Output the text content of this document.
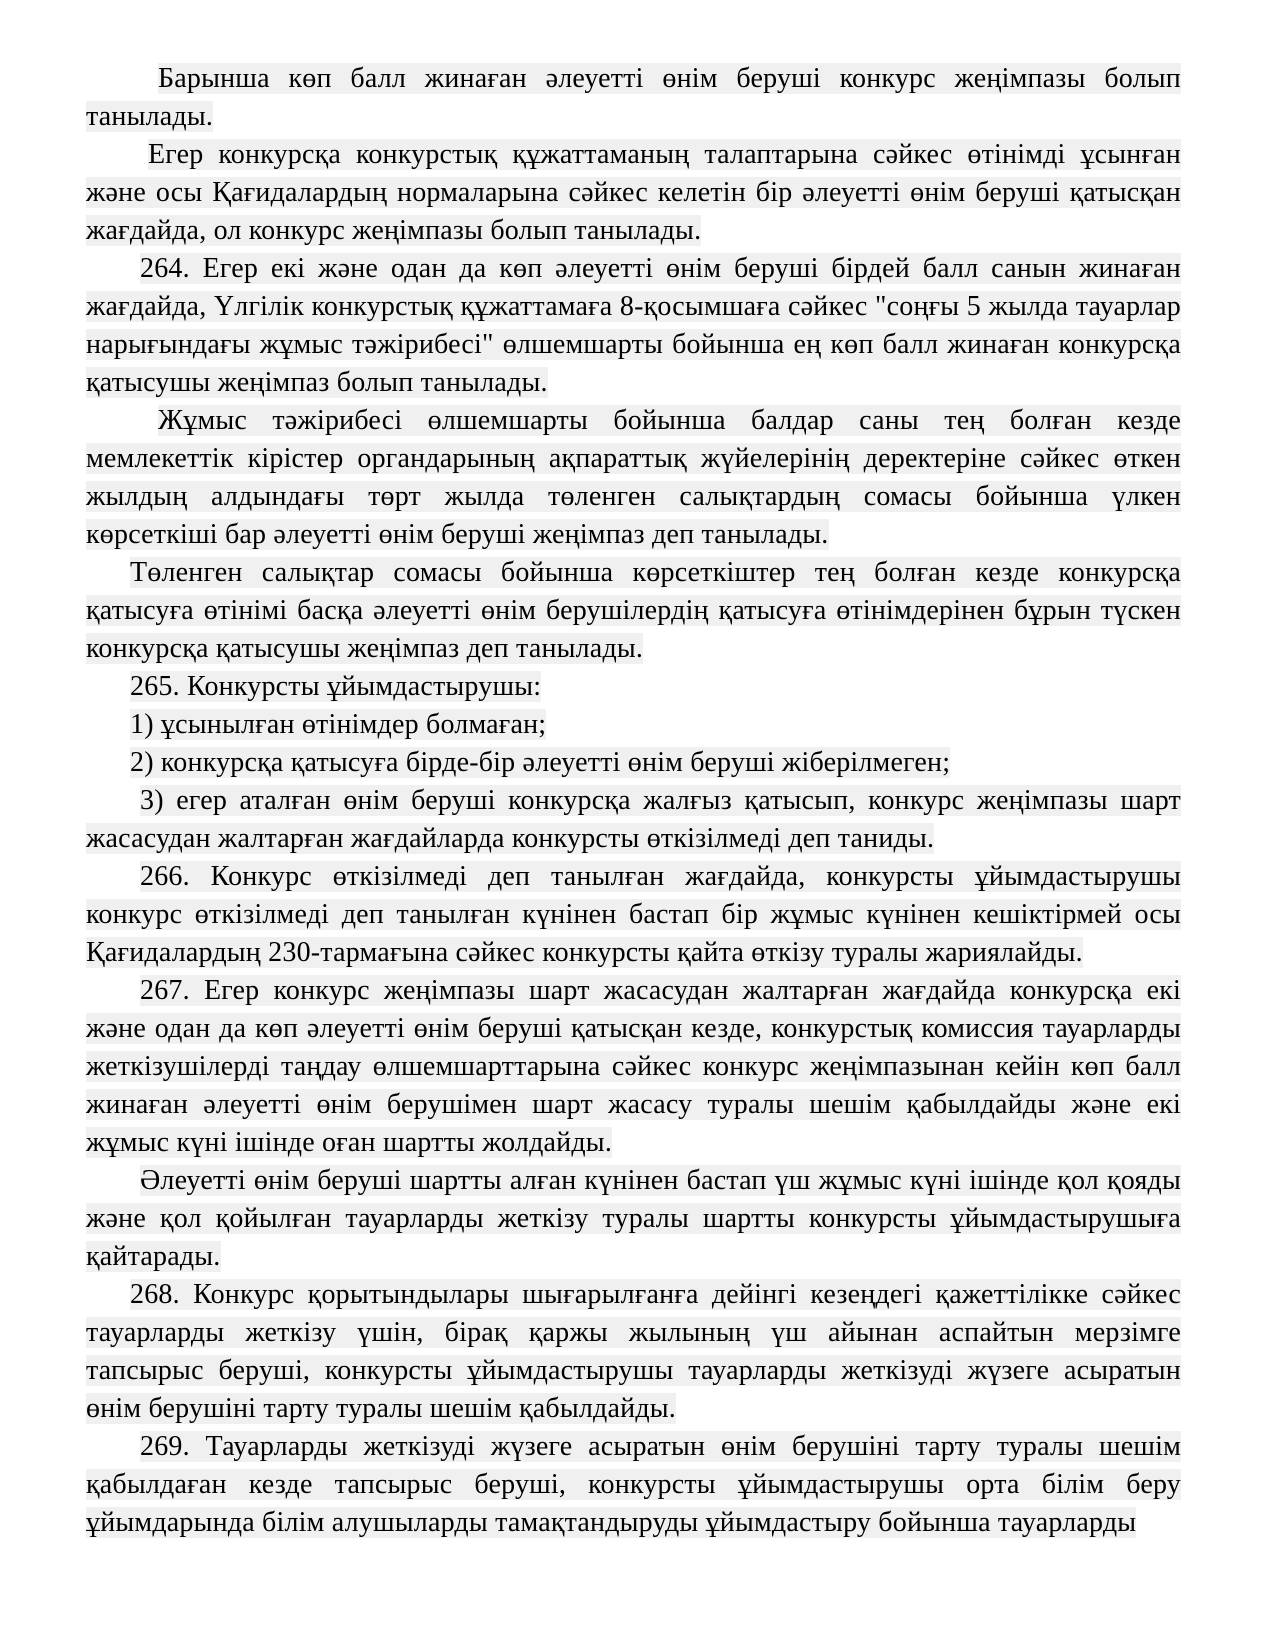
Барынша көп балл жинаған әлеуетті өнім беруші конкурс жеңімпазы болып танылады.

Егер конкурсқа конкурстық құжаттаманың талаптарына сәйкес өтінімді ұсынған және осы Қағидалардың нормаларына сәйкес келетін бір әлеуетті өнім беруші қатысқан жағдайда, ол конкурс жеңімпазы болып танылады.

264. Егер екі және одан да көп әлеуетті өнім беруші бірдей балл санын жинаған жағдайда, Үлгілік конкурстық құжаттамаға 8-қосымшаға сәйкес "соңғы 5 жылда тауарлар нарығындағы жұмыс тәжірибесі" өлшемшарты бойынша ең көп балл жинаған конкурсқа қатысушы жеңімпаз болып танылады.

Жұмыс тәжірибесі өлшемшарты бойынша балдар саны тең болған кезде мемлекеттік кірістер органдарының ақпараттық жүйелерінің деректеріне сәйкес өткен жылдың алдындағы төрт жылда төленген салықтардың сомасы бойынша үлкен көрсеткіші бар әлеуетті өнім беруші жеңімпаз деп танылады.

Төленген салықтар сомасы бойынша көрсеткіштер тең болған кезде конкурсқа қатысуға өтінімі басқа әлеуетті өнім берушілердің қатысуға өтінімдерінен бұрын түскен конкурсқа қатысушы жеңімпаз деп танылады.

265. Конкурсты ұйымдастырушы:

1) ұсынылған өтінімдер болмаған;

2) конкурсқа қатысуға бірде-бір әлеуетті өнім беруші жіберілмеген;

3) егер аталған өнім беруші конкурсқа жалғыз қатысып, конкурс жеңімпазы шарт жасасудан жалтарған жағдайларда конкурсты өткізілмеді деп таниды.

266. Конкурс өткізілмеді деп танылған жағдайда, конкурсты ұйымдастырушы конкурс өткізілмеді деп танылған күнінен бастап бір жұмыс күнінен кешіктірмей осы Қағидалардың 230-тармағына сәйкес конкурсты қайта өткізу туралы жариялайды.

267. Егер конкурс жеңімпазы шарт жасасудан жалтарған жағдайда конкурсқа екі және одан да көп әлеуетті өнім беруші қатысқан кезде, конкурстық комиссия тауарларды жеткізушілерді таңдау өлшемшарттарына сәйкес конкурс жеңімпазынан кейін көп балл жинаған әлеуетті өнім берушімен шарт жасасу туралы шешім қабылдайды және екі жұмыс күні ішінде оған шартты жолдайды.

Әлеуетті өнім беруші шартты алған күнінен бастап үш жұмыс күні ішінде қол қояды және қол қойылған тауарларды жеткізу туралы шартты конкурсты ұйымдастырушыға қайтарады.

268. Конкурс қорытындылары шығарылғанға дейінгі кезеңдегі қажеттілікке сәйкес тауарларды жеткізу үшін, бірақ қаржы жылының үш айынан аспайтын мерзімге тапсырыс беруші, конкурсты ұйымдастырушы тауарларды жеткізуді жүзеге асыратын өнім берушіні тарту туралы шешім қабылдайды.

269. Тауарларды жеткізуді жүзеге асыратын өнім берушіні тарту туралы шешім қабылдаған кезде тапсырыс беруші, конкурсты ұйымдастырушы орта білім беру ұйымдарында білім алушыларды тамақтандыруды ұйымдастыру бойынша тауарларды
